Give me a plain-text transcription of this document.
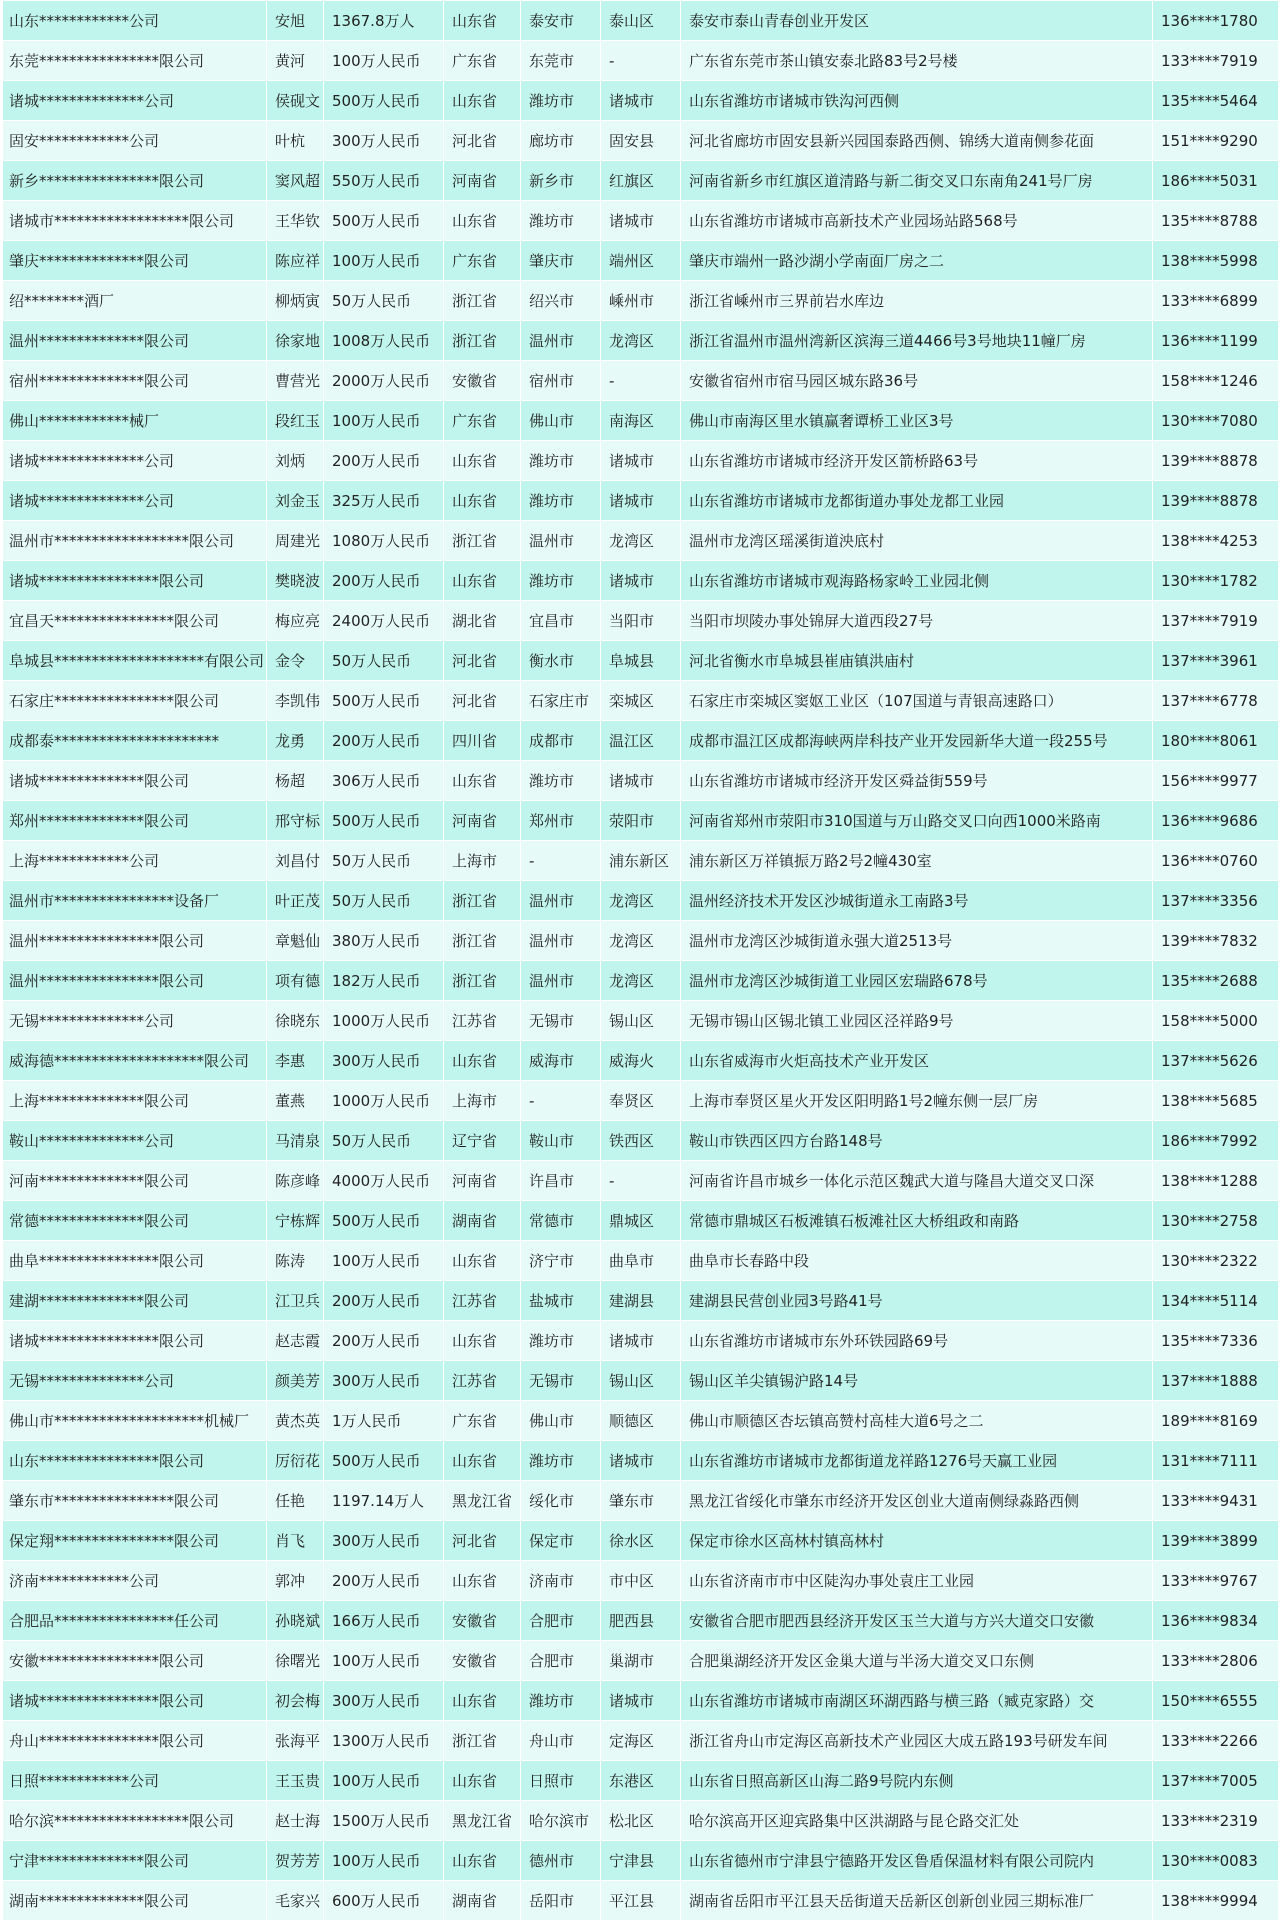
山东************公司	安旭	1367.8万人	山东省	泰安市	泰山区	泰安市泰山青春创业开发区	136****1780
东莞****************限公司	黄河	100万人民币	广东省	东莞市	-	广东省东莞市茶山镇安泰北路83号2号楼	133****7919
诸城**************公司	侯砚文	500万人民币	山东省	潍坊市	诸城市	山东省潍坊市诸城市铁沟河西侧	135****5464
固安************公司	叶杭	300万人民币	河北省	廊坊市	固安县	河北省廊坊市固安县新兴园国泰路西侧、锦绣大道南侧参花面	151****9290
新乡****************限公司	窦风超	550万人民币	河南省	新乡市	红旗区	河南省新乡市红旗区道清路与新二街交叉口东南角241号厂房	186****5031
诸城市******************限公司	王华钦	500万人民币	山东省	潍坊市	诸城市	山东省潍坊市诸城市高新技术产业园场站路568号	135****8788
肇庆**************限公司	陈应祥	100万人民币	广东省	肇庆市	端州区	肇庆市端州一路沙湖小学南面厂房之二	138****5998
绍********酒厂	柳炳寅	50万人民币	浙江省	绍兴市	嵊州市	浙江省嵊州市三界前岩水库边	133****6899
温州**************限公司	徐家地	1008万人民币	浙江省	温州市	龙湾区	浙江省温州市温州湾新区滨海三道4466号3号地块11幢厂房	136****1199
宿州**************限公司	曹营光	2000万人民币	安徽省	宿州市	-	安徽省宿州市宿马园区城东路36号	158****1246
佛山************械厂	段红玉	100万人民币	广东省	佛山市	南海区	佛山市南海区里水镇赢奢谭桥工业区3号	130****7080
诸城**************公司	刘炳	200万人民币	山东省	潍坊市	诸城市	山东省潍坊市诸城市经济开发区箭桥路63号	139****8878
诸城**************公司	刘金玉	325万人民币	山东省	潍坊市	诸城市	山东省潍坊市诸城市龙都街道办事处龙都工业园	139****8878
温州市******************限公司	周建光	1080万人民币	浙江省	温州市	龙湾区	温州市龙湾区瑶溪街道泱底村	138****4253
诸城****************限公司	樊晓波	200万人民币	山东省	潍坊市	诸城市	山东省潍坊市诸城市观海路杨家岭工业园北侧	130****1782
宜昌天****************限公司	梅应亮	2400万人民币	湖北省	宜昌市	当阳市	当阳市坝陵办事处锦屏大道西段27号	137****7919
阜城县********************有限公司	金令	50万人民币	河北省	衡水市	阜城县	河北省衡水市阜城县崔庙镇洪庙村	137****3961
石家庄****************限公司	李凯伟	500万人民币	河北省	石家庄市	栾城区	石家庄市栾城区窦妪工业区（107国道与青银高速路口）	137****6778
成都泰**********************	龙勇	200万人民币	四川省	成都市	温江区	成都市温江区成都海峡两岸科技产业开发园新华大道一段255号	180****8061
诸城**************限公司	杨超	306万人民币	山东省	潍坊市	诸城市	山东省潍坊市诸城市经济开发区舜益街559号	156****9977
郑州**************限公司	邢守标	500万人民币	河南省	郑州市	荥阳市	河南省郑州市荥阳市310国道与万山路交叉口向西1000米路南	136****9686
上海************公司	刘昌付	50万人民币	上海市	-	浦东新区	浦东新区万祥镇振万路2号2幢430室	136****0760
温州市****************设备厂	叶正茂	50万人民币	浙江省	温州市	龙湾区	温州经济技术开发区沙城街道永工南路3号	137****3356
温州****************限公司	章魁仙	380万人民币	浙江省	温州市	龙湾区	温州市龙湾区沙城街道永强大道2513号	139****7832
温州****************限公司	项有德	182万人民币	浙江省	温州市	龙湾区	温州市龙湾区沙城街道工业园区宏瑞路678号	135****2688
无锡**************公司	徐晓东	1000万人民币	江苏省	无锡市	锡山区	无锡市锡山区锡北镇工业园区泾祥路9号	158****5000
威海德********************限公司	李惠	300万人民币	山东省	威海市	威海火	山东省威海市火炬高技术产业开发区	137****5626
上海**************限公司	董燕	1000万人民币	上海市	-	奉贤区	上海市奉贤区星火开发区阳明路1号2幢东侧一层厂房	138****5685
鞍山**************公司	马清泉	50万人民币	辽宁省	鞍山市	铁西区	鞍山市铁西区四方台路148号	186****7992
河南**************限公司	陈彦峰	4000万人民币	河南省	许昌市	-	河南省许昌市城乡一体化示范区魏武大道与隆昌大道交叉口深	138****1288
常德**************限公司	宁栋辉	500万人民币	湖南省	常德市	鼎城区	常德市鼎城区石板滩镇石板滩社区大桥组政和南路	130****2758
曲阜****************限公司	陈涛	100万人民币	山东省	济宁市	曲阜市	曲阜市长春路中段	130****2322
建湖**************限公司	江卫兵	200万人民币	江苏省	盐城市	建湖县	建湖县民营创业园3号路41号	134****5114
诸城****************限公司	赵志霞	200万人民币	山东省	潍坊市	诸城市	山东省潍坊市诸城市东外环铁园路69号	135****7336
无锡**************公司	颜美芳	300万人民币	江苏省	无锡市	锡山区	锡山区羊尖镇锡沪路14号	137****1888
佛山市********************机械厂	黄杰英	1万人民币	广东省	佛山市	顺德区	佛山市顺德区杏坛镇高赞村高桂大道6号之二	189****8169
山东****************限公司	厉衍花	500万人民币	山东省	潍坊市	诸城市	山东省潍坊市诸城市龙都街道龙祥路1276号天赢工业园	131****7111
肇东市****************限公司	任艳	1197.14万人	黑龙江省	绥化市	肇东市	黑龙江省绥化市肇东市经济开发区创业大道南侧绿淼路西侧	133****9431
保定翔****************限公司	肖飞	300万人民币	河北省	保定市	徐水区	保定市徐水区高林村镇高林村	139****3899
济南************公司	郭冲	200万人民币	山东省	济南市	市中区	山东省济南市市中区陡沟办事处袁庄工业园	133****9767
合肥品****************任公司	孙晓斌	166万人民币	安徽省	合肥市	肥西县	安徽省合肥市肥西县经济开发区玉兰大道与方兴大道交口安徽	136****9834
安徽****************限公司	徐曙光	100万人民币	安徽省	合肥市	巢湖市	合肥巢湖经济开发区金巢大道与半汤大道交叉口东侧	133****2806
诸城****************限公司	初会梅	300万人民币	山东省	潍坊市	诸城市	山东省潍坊市诸城市南湖区环湖西路与横三路（臧克家路）交	150****6555
舟山****************限公司	张海平	1300万人民币	浙江省	舟山市	定海区	浙江省舟山市定海区高新技术产业园区大成五路193号研发车间	133****2266
日照************公司	王玉贵	100万人民币	山东省	日照市	东港区	山东省日照高新区山海二路9号院内东侧	137****7005
哈尔滨******************限公司	赵士海	1500万人民币	黑龙江省	哈尔滨市	松北区	哈尔滨高开区迎宾路集中区洪湖路与昆仑路交汇处	133****2319
宁津**************限公司	贺芳芳	100万人民币	山东省	德州市	宁津县	山东省德州市宁津县宁德路开发区鲁盾保温材料有限公司院内	130****0083
湖南**************限公司	毛家兴	600万人民币	湖南省	岳阳市	平江县	湖南省岳阳市平江县天岳街道天岳新区创新创业园三期标准厂	138****9994
